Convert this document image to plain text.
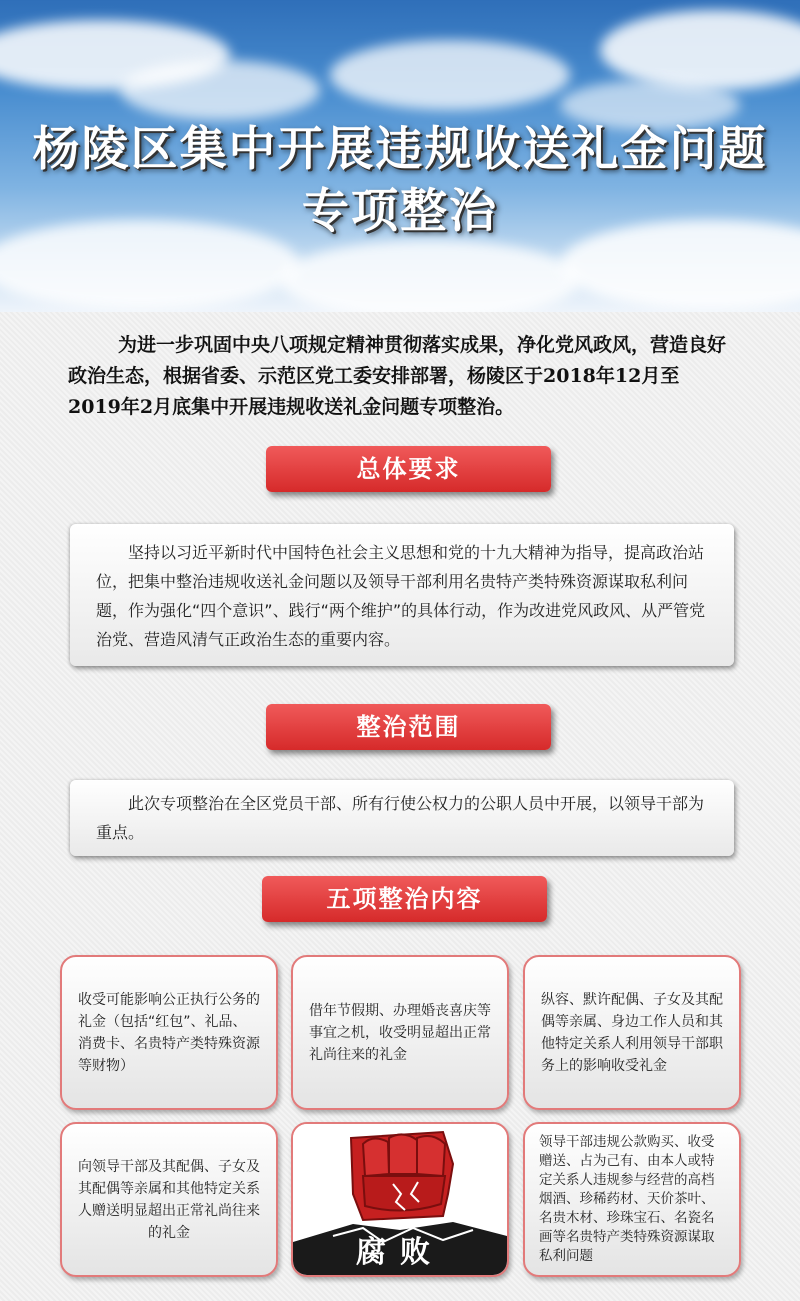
杨陵区集中开展违规收送礼金问题
专项整治
为进一步巩固中央八项规定精神贯彻落实成果，净化党风政风，营造良好政治生态，根据省委、示范区党工委安排部署，杨陵区于2018年12月至2019年2月底集中开展违规收送礼金问题专项整治。
总体要求

坚持以习近平新时代中国特色社会主义思想和党的十九大精神为指导，提高政治站位，把集中整治违规收送礼金问题以及领导干部利用名贵特产类特殊资源谋取私利问题，作为强化“四个意识”、践行“两个维护”的具体行动，作为改进党风政风、从严管党治党、营造风清气正政治生态的重要内容。

整治范围

此次专项整治在全区党员干部、所有行使公权力的公职人员中开展，以领导干部为重点。

五项整治内容
收受可能影响公正执行公务的礼金（包括“红包”、礼品、消费卡、名贵特产类特殊资源等财物）
借年节假期、办理婚丧喜庆等事宜之机，收受明显超出正常礼尚往来的礼金
纵容、默许配偶、子女及其配偶等亲属、身边工作人员和其他特定关系人利用领导干部职务上的影响收受礼金
向领导干部及其配偶、子女及其配偶等亲属和其他特定关系人赠送明显超出正常礼尚往来的礼金
腐败
领导干部违规公款购买、收受赠送、占为己有、由本人或特定关系人违规参与经营的高档烟酒、珍稀药材、天价茶叶、名贵木材、珍珠宝石、名瓷名画等名贵特产类特殊资源谋取私利问题
